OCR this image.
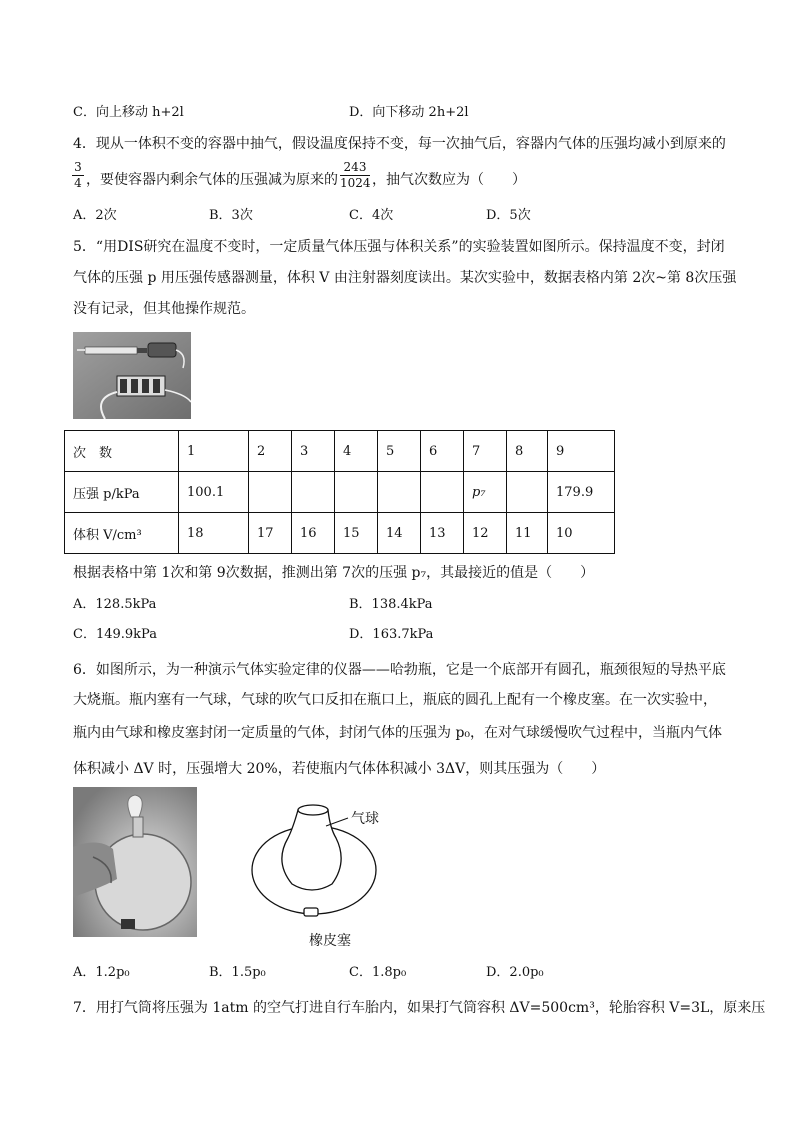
C．向上移动 h+2l	D．向下移动 2h+2l
4．现从一体积不变的容器中抽气，假设温度保持不变，每一次抽气后，容器内气体的压强均减小到原来的
3
4 ，要使容器内剩余气体的压强减为原来的
243
1024 ，抽气次数应为（　　）
A．2次	B．3次	C．4次	D．5次
5．“用DIS研究在温度不变时，一定质量气体压强与体积关系”的实验装置如图所示。保持温度不变，封闭
气体的压强 p 用压强传感器测量，体积 V 由注射器刻度读出。某次实验中，数据表格内第 2次~第 8次压强
没有记录，但其他操作规范。
次　数	1	2	3	4	5	6	7	8	9
压强 p/kPa	100.1						p₇		179.9
体积 V/cm³	18	17	16	15	14	13	12	11	10
根据表格中第 1次和第 9次数据，推测出第 7次的压强 p₇，其最接近的值是（　　）
A．128.5kPa	B．138.4kPa
C．149.9kPa	D．163.7kPa
6．如图所示，为一种演示气体实验定律的仪器——哈勃瓶，它是一个底部开有圆孔，瓶颈很短的导热平底
大烧瓶。瓶内塞有一气球，气球的吹气口反扣在瓶口上，瓶底的圆孔上配有一个橡皮塞。在一次实验中，
瓶内由气球和橡皮塞封闭一定质量的气体，封闭气体的压强为 p₀，在对气球缓慢吹气过程中，当瓶内气体
体积减小 ΔV 时，压强增大 20%，若使瓶内气体体积减小 3ΔV，则其压强为（　　）
气球
橡皮塞
A．1.2p₀	B．1.5p₀	C．1.8p₀	D．2.0p₀
7．用打气筒将压强为 1atm 的空气打进自行车胎内，如果打气筒容积 ΔV=500cm³，轮胎容积 V=3L，原来压
